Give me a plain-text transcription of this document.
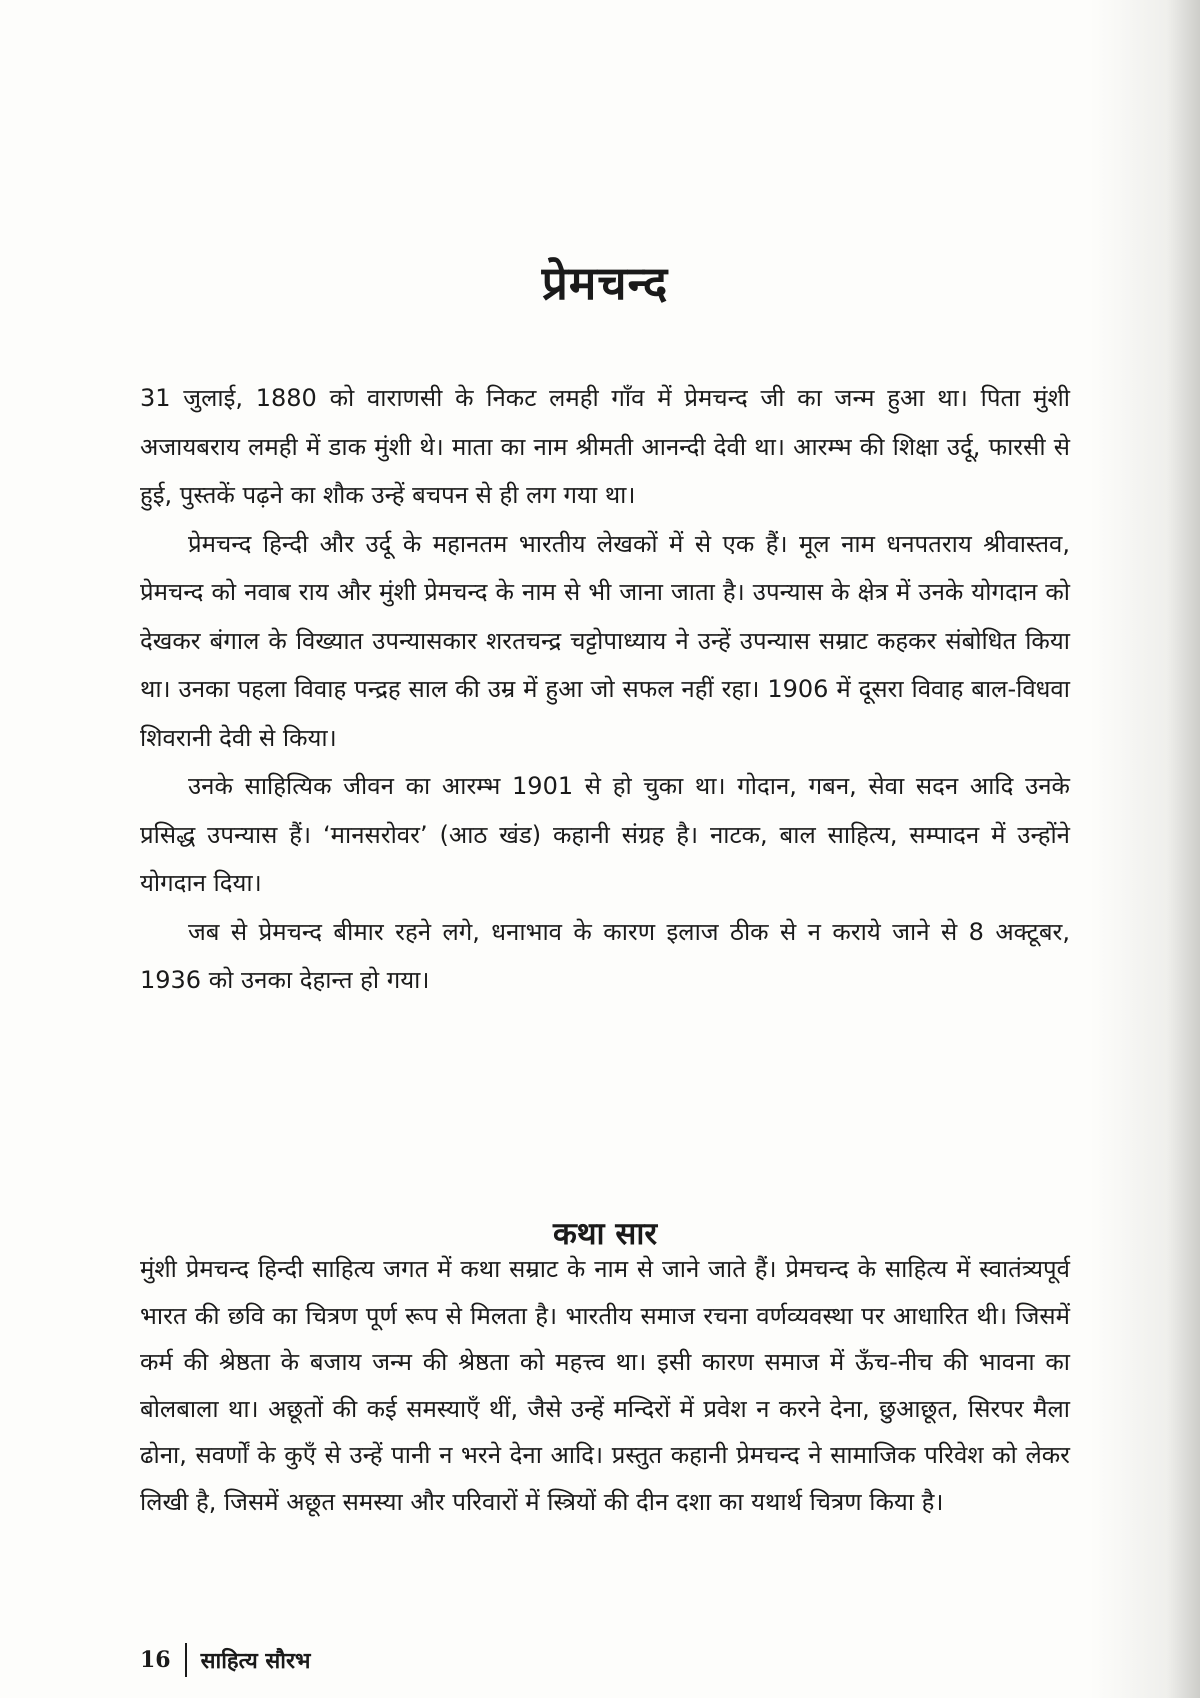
प्रेमचन्द

31 जुलाई, 1880 को वाराणसी के निकट लमही गाँव में प्रेमचन्द जी का जन्म हुआ था। पिता मुंशी अजायबराय लमही में डाक मुंशी थे। माता का नाम श्रीमती आनन्दी देवी था। आरम्भ की शिक्षा उर्दू, फारसी से हुई, पुस्तकें पढ़ने का शौक उन्हें बचपन से ही लग गया था।

प्रेमचन्द हिन्दी और उर्दू के महानतम भारतीय लेखकों में से एक हैं। मूल नाम धनपतराय श्रीवास्तव, प्रेमचन्द को नवाब राय और मुंशी प्रेमचन्द के नाम से भी जाना जाता है। उपन्यास के क्षेत्र में उनके योगदान को देखकर बंगाल के विख्यात उपन्यासकार शरतचन्द्र चट्टोपाध्याय ने उन्हें उपन्यास सम्राट कहकर संबोधित किया था। उनका पहला विवाह पन्द्रह साल की उम्र में हुआ जो सफल नहीं रहा। 1906 में दूसरा विवाह बाल-विधवा शिवरानी देवी से किया।

उनके साहित्यिक जीवन का आरम्भ 1901 से हो चुका था। गोदान, गबन, सेवा सदन आदि उनके प्रसिद्ध उपन्यास हैं। ‘मानसरोवर’ (आठ खंड) कहानी संग्रह है। नाटक, बाल साहित्य, सम्पादन में उन्होंने योगदान दिया।

जब से प्रेमचन्द बीमार रहने लगे, धनाभाव के कारण इलाज ठीक से न कराये जाने से 8 अक्टूबर, 1936 को उनका देहान्त हो गया।

कथा सार

मुंशी प्रेमचन्द हिन्दी साहित्य जगत में कथा सम्राट के नाम से जाने जाते हैं। प्रेमचन्द के साहित्य में स्वातंत्र्यपूर्व भारत की छवि का चित्रण पूर्ण रूप से मिलता है। भारतीय समाज रचना वर्णव्यवस्था पर आधारित थी। जिसमें कर्म की श्रेष्ठता के बजाय जन्म की श्रेष्ठता को महत्त्व था। इसी कारण समाज में ऊँच-नीच की भावना का बोलबाला था। अछूतों की कई समस्याएँ थीं, जैसे उन्हें मन्दिरों में प्रवेश न करने देना, छुआछूत, सिरपर मैला ढोना, सवर्णों के कुएँ से उन्हें पानी न भरने देना आदि। प्रस्तुत कहानी प्रेमचन्द ने सामाजिक परिवेश को लेकर लिखी है, जिसमें अछूत समस्या और परिवारों में स्त्रियों की दीन दशा का यथार्थ चित्रण किया है।

16 साहित्य सौरभ
